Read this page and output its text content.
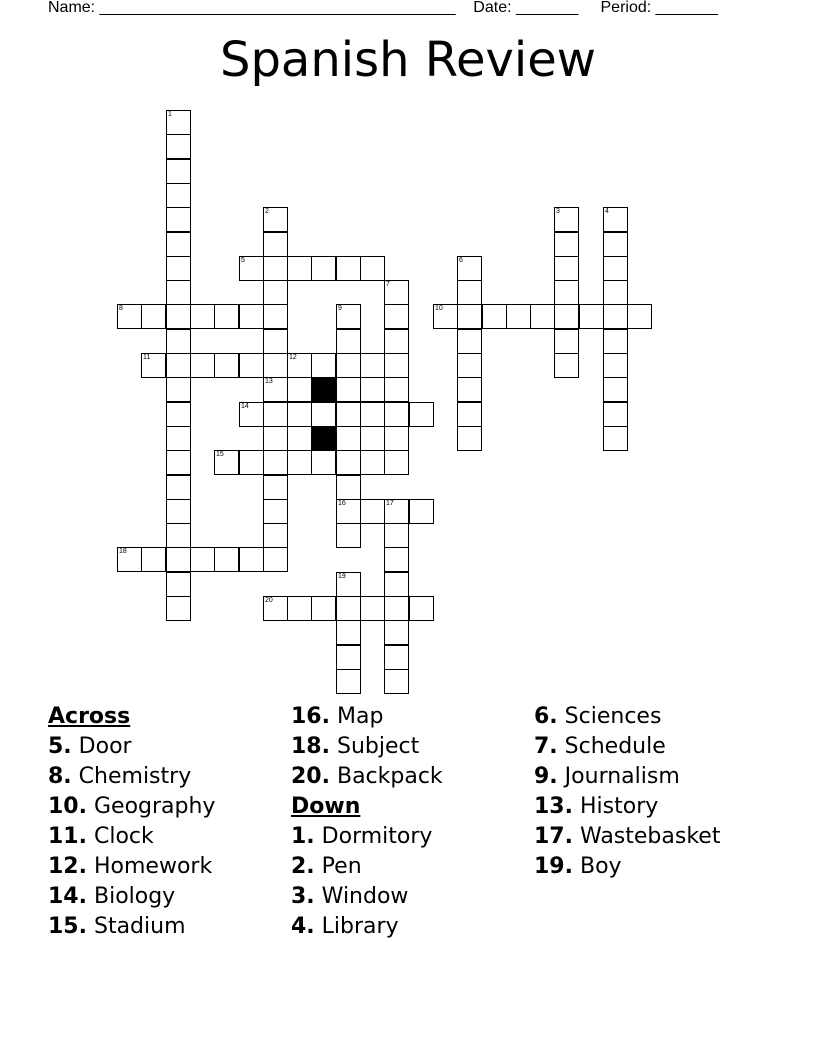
Name: ________________________________________    Date: _______     Period: _______
Spanish Review
1
2
13
3	4
5	6
7
8	9
16
10
11	12
14
15
17
18
19
20
Across
5. Door
8. Chemistry
10. Geography
11. Clock
12. Homework
14. Biology
15. Stadium
16. Map
18. Subject
20. Backpack
Down
1. Dormitory
2. Pen
3. Window
4. Library
6. Sciences
7. Schedule
9. Journalism
13. History
17. Wastebasket
19. Boy
